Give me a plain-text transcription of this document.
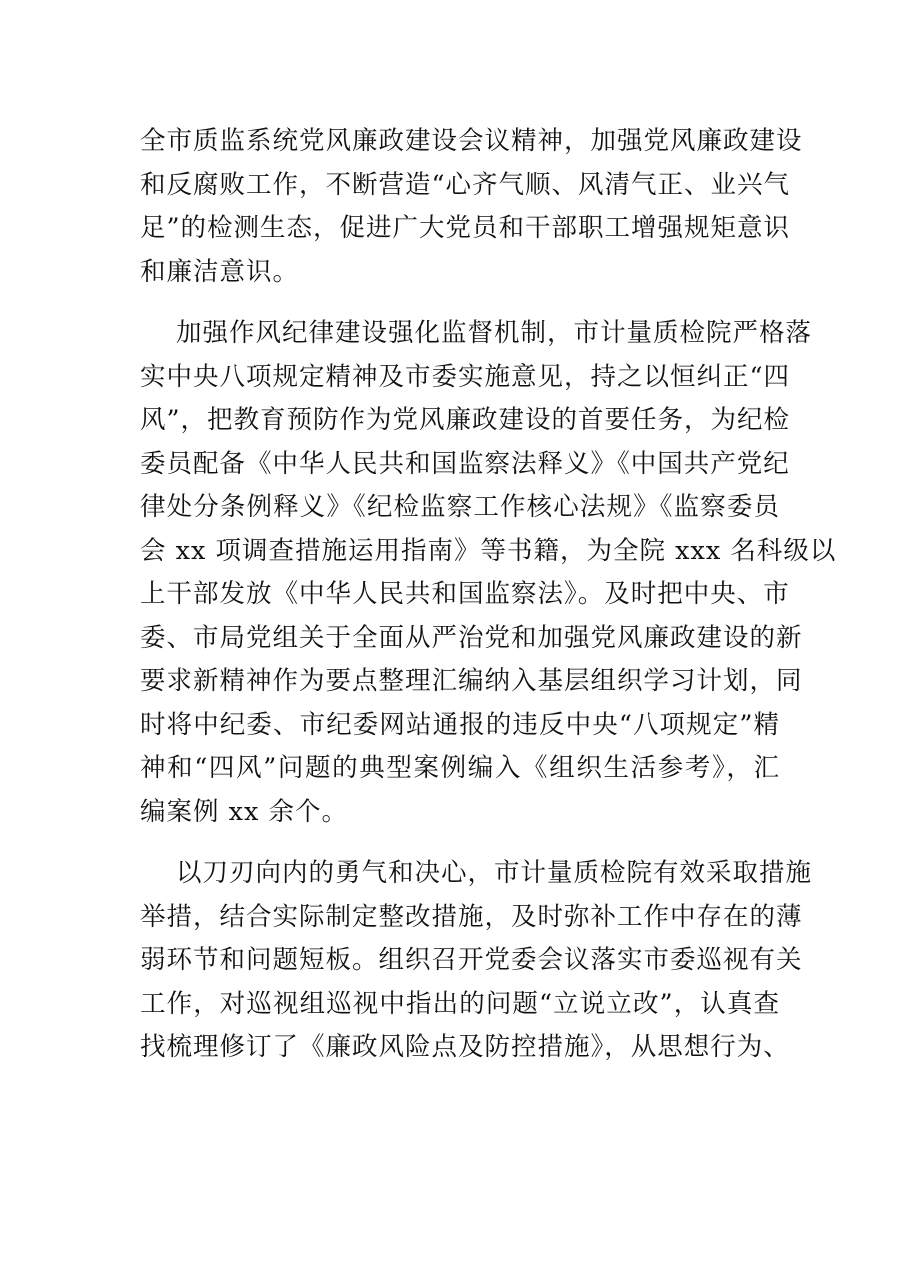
全市质监系统党风廉政建设会议精神，加强党风廉政建设
和反腐败工作，不断营造“心齐气顺、风清气正、业兴气
足”的检测生态，促进广大党员和干部职工增强规矩意识
和廉洁意识。
加强作风纪律建设强化监督机制，市计量质检院严格落
实中央八项规定精神及市委实施意见，持之以恒纠正“四
风”，把教育预防作为党风廉政建设的首要任务，为纪检
委员配备《中华人民共和国监察法释义》《中国共产党纪
律处分条例释义》《纪检监察工作核心法规》《监察委员
会 xx 项调查措施运用指南》等书籍，为全院 xxx 名科级以
上干部发放《中华人民共和国监察法》。及时把中央、市
委、市局党组关于全面从严治党和加强党风廉政建设的新
要求新精神作为要点整理汇编纳入基层组织学习计划，同
时将中纪委、市纪委网站通报的违反中央“八项规定”精
神和“四风”问题的典型案例编入《组织生活参考》，汇
编案例 xx 余个。
以刀刃向内的勇气和决心，市计量质检院有效采取措施
举措，结合实际制定整改措施，及时弥补工作中存在的薄
弱环节和问题短板。组织召开党委会议落实市委巡视有关
工作，对巡视组巡视中指出的问题“立说立改”，认真查
找梳理修订了《廉政风险点及防控措施》，从思想行为、
